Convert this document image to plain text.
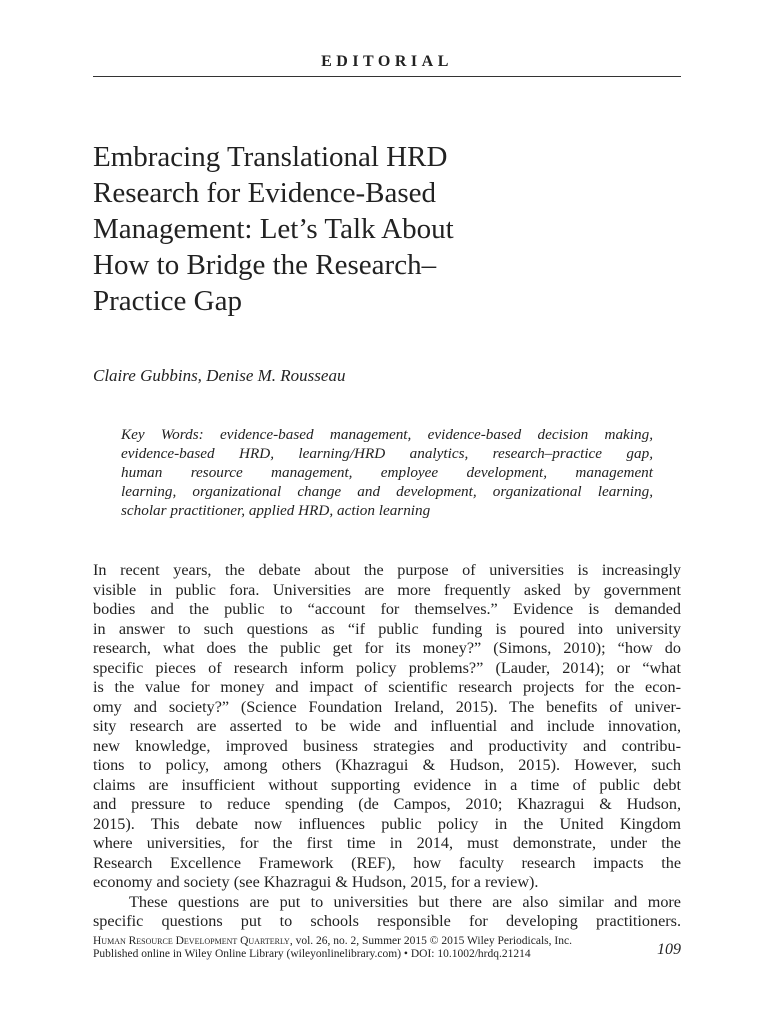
EDITORIAL
Embracing Translational HRD
Research for Evidence-Based
Management: Let’s Talk About
How to Bridge the Research–
Practice Gap
Claire Gubbins, Denise M. Rousseau
Key Words: evidence-based management, evidence-based decision making,
evidence-based HRD, learning/HRD analytics, research–practice gap,
human resource management, employee development, management
learning, organizational change and development, organizational learning,
scholar practitioner, applied HRD, action learning
In recent years, the debate about the purpose of universities is increasingly
visible in public fora. Universities are more frequently asked by government
bodies and the public to “account for themselves.” Evidence is demanded
in answer to such questions as “if public funding is poured into university
research, what does the public get for its money?” (Simons, 2010); “how do
specific pieces of research inform policy problems?” (Lauder, 2014); or “what
is the value for money and impact of scientific research projects for the econ-
omy and society?” (Science Foundation Ireland, 2015). The benefits of univer-
sity research are asserted to be wide and influential and include innovation,
new knowledge, improved business strategies and productivity and contribu-
tions to policy, among others (Khazragui & Hudson, 2015). However, such
claims are insufficient without supporting evidence in a time of public debt
and pressure to reduce spending (de Campos, 2010; Khazragui & Hudson,
2015). This debate now influences public policy in the United Kingdom
where universities, for the first time in 2014, must demonstrate, under the
Research Excellence Framework (REF), how faculty research impacts the
economy and society (see Khazragui & Hudson, 2015, for a review).
These questions are put to universities but there are also similar and more
specific questions put to schools responsible for developing practitioners.
Human Resource Development Quarterly, vol. 26, no. 2, Summer 2015 © 2015 Wiley Periodicals, Inc.
Published online in Wiley Online Library (wileyonlinelibrary.com) • DOI: 10.1002/hrdq.21214	109
